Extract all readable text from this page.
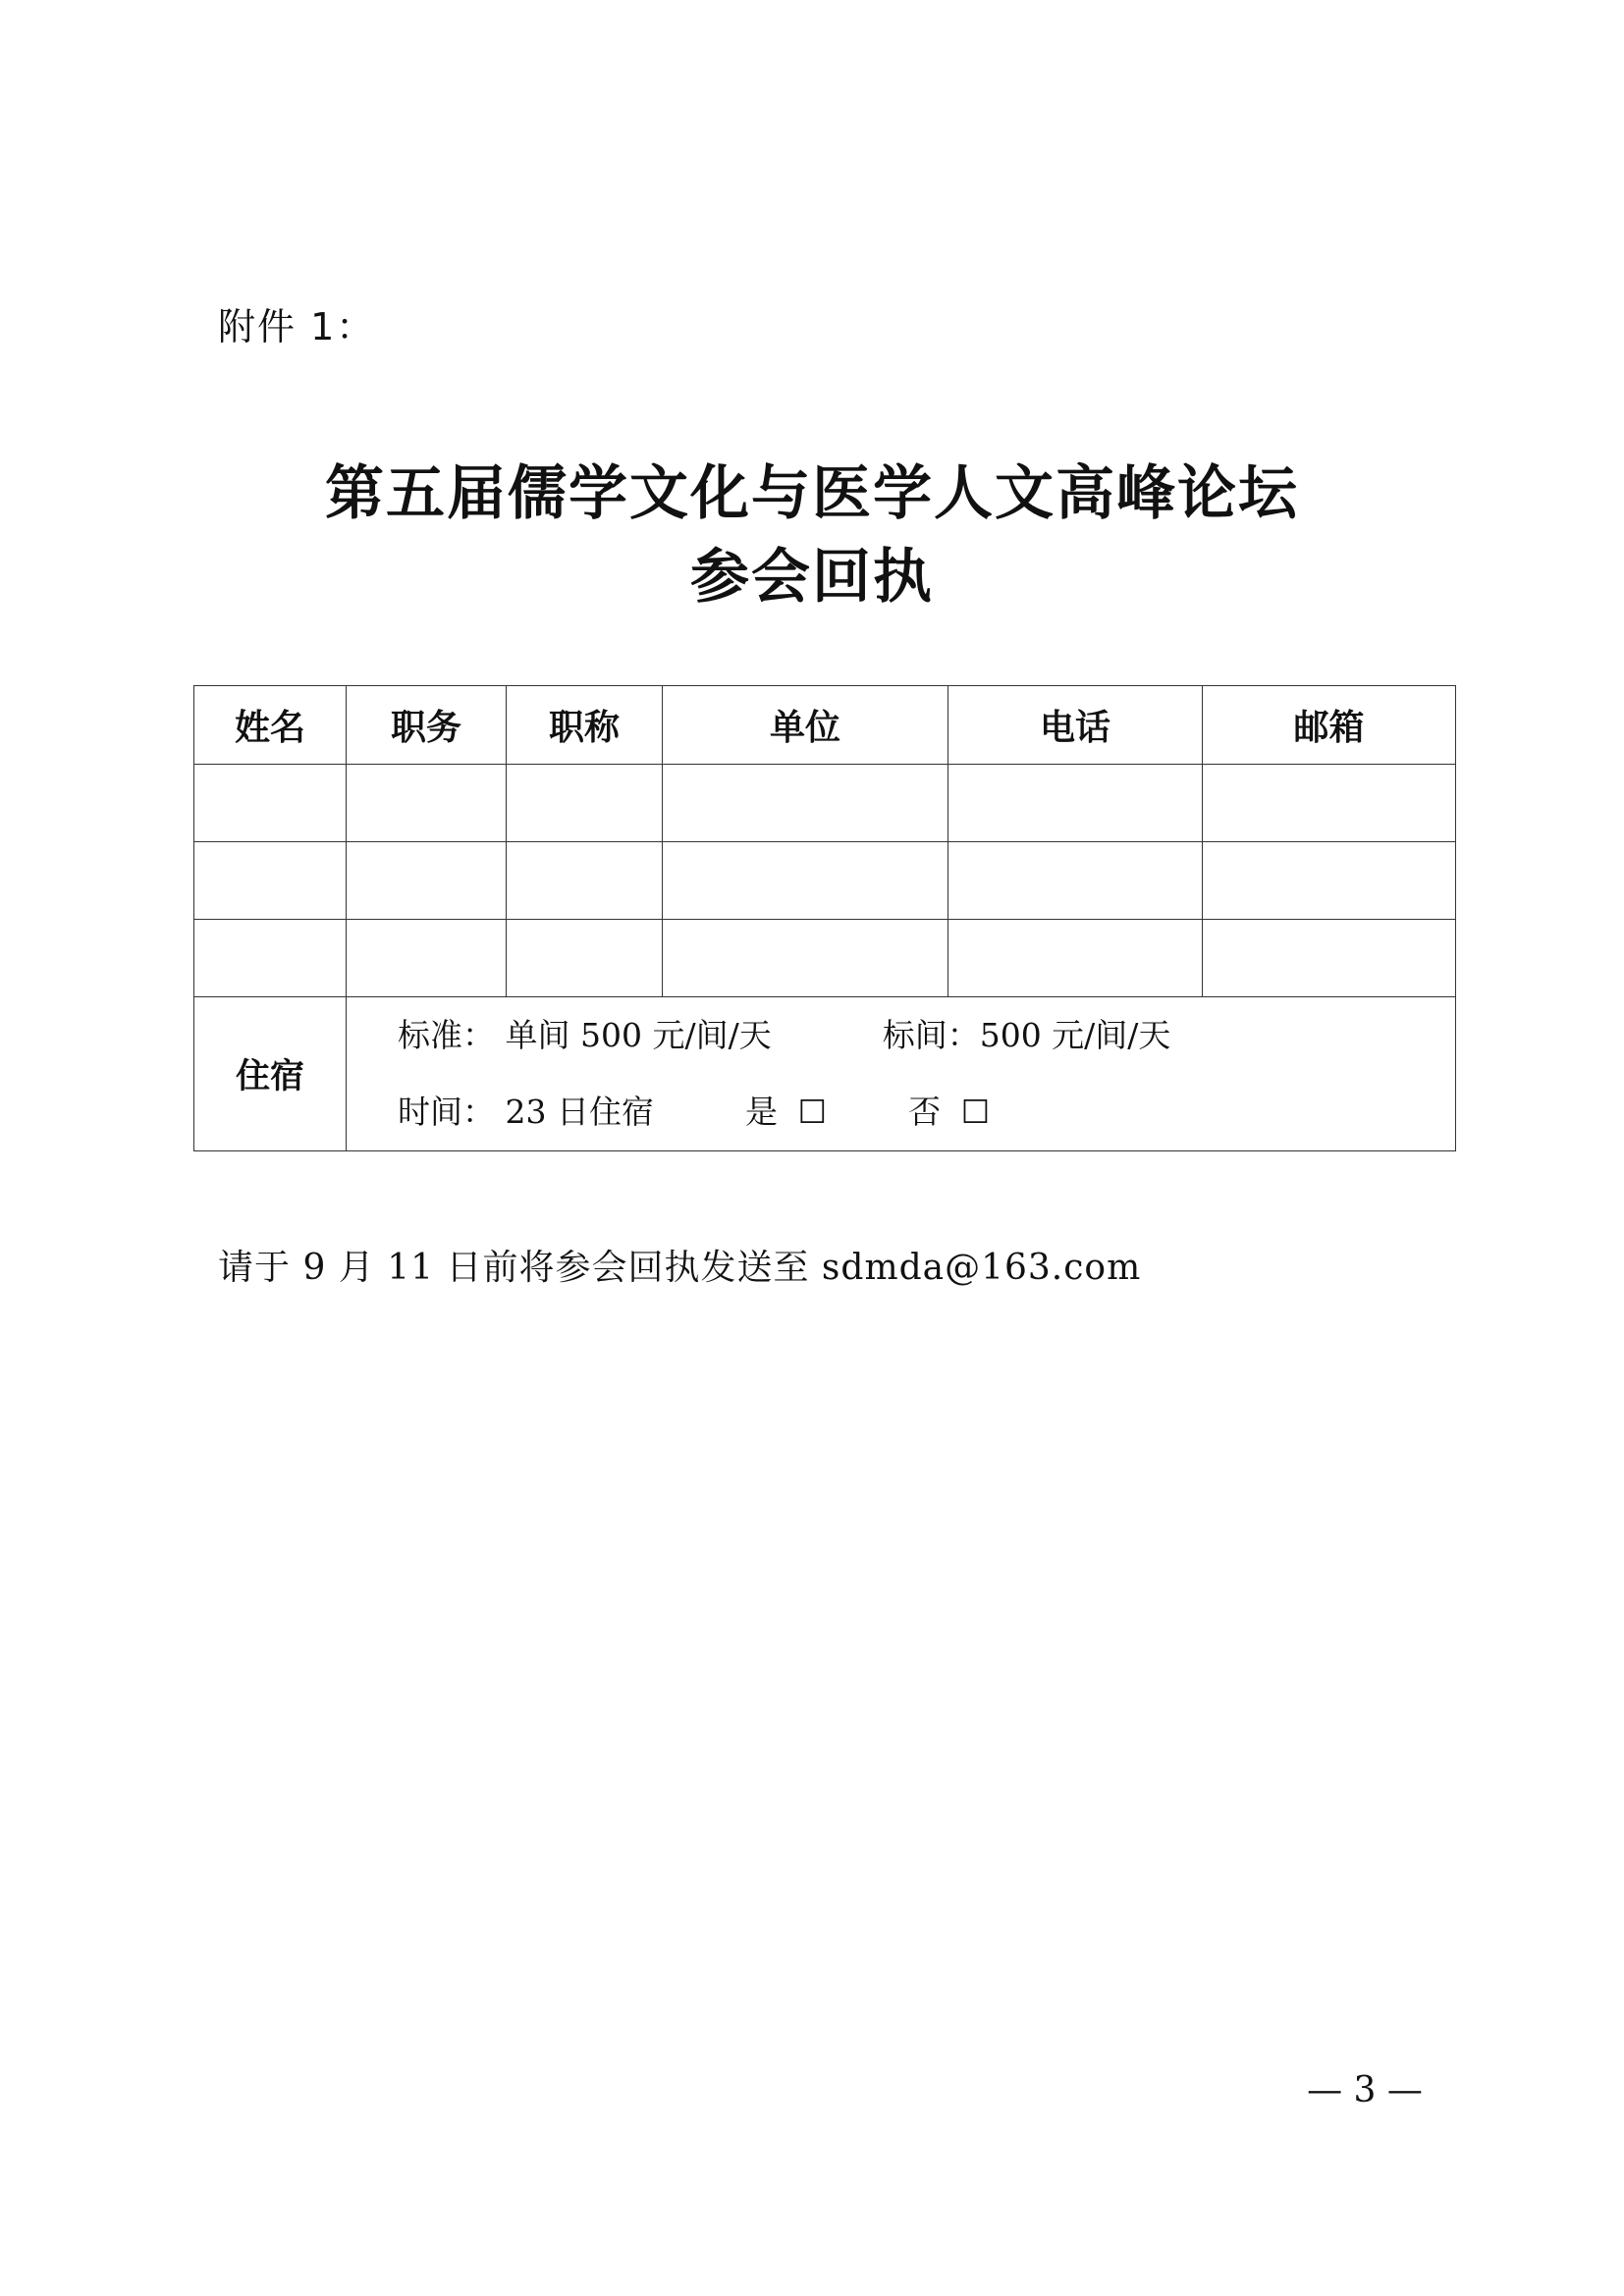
附件 1：
第五届儒学文化与医学人文高峰论坛
参会回执
姓名	职务	职称	单位	电话	邮箱

住宿	标准： 单间 500 元/间/天 标间：500 元/间/天
时间： 23 日住宿 是 ☐ 否 ☐				
请于 9 月 11 日前将参会回执发送至 sdmda@163.com
— 3 —
